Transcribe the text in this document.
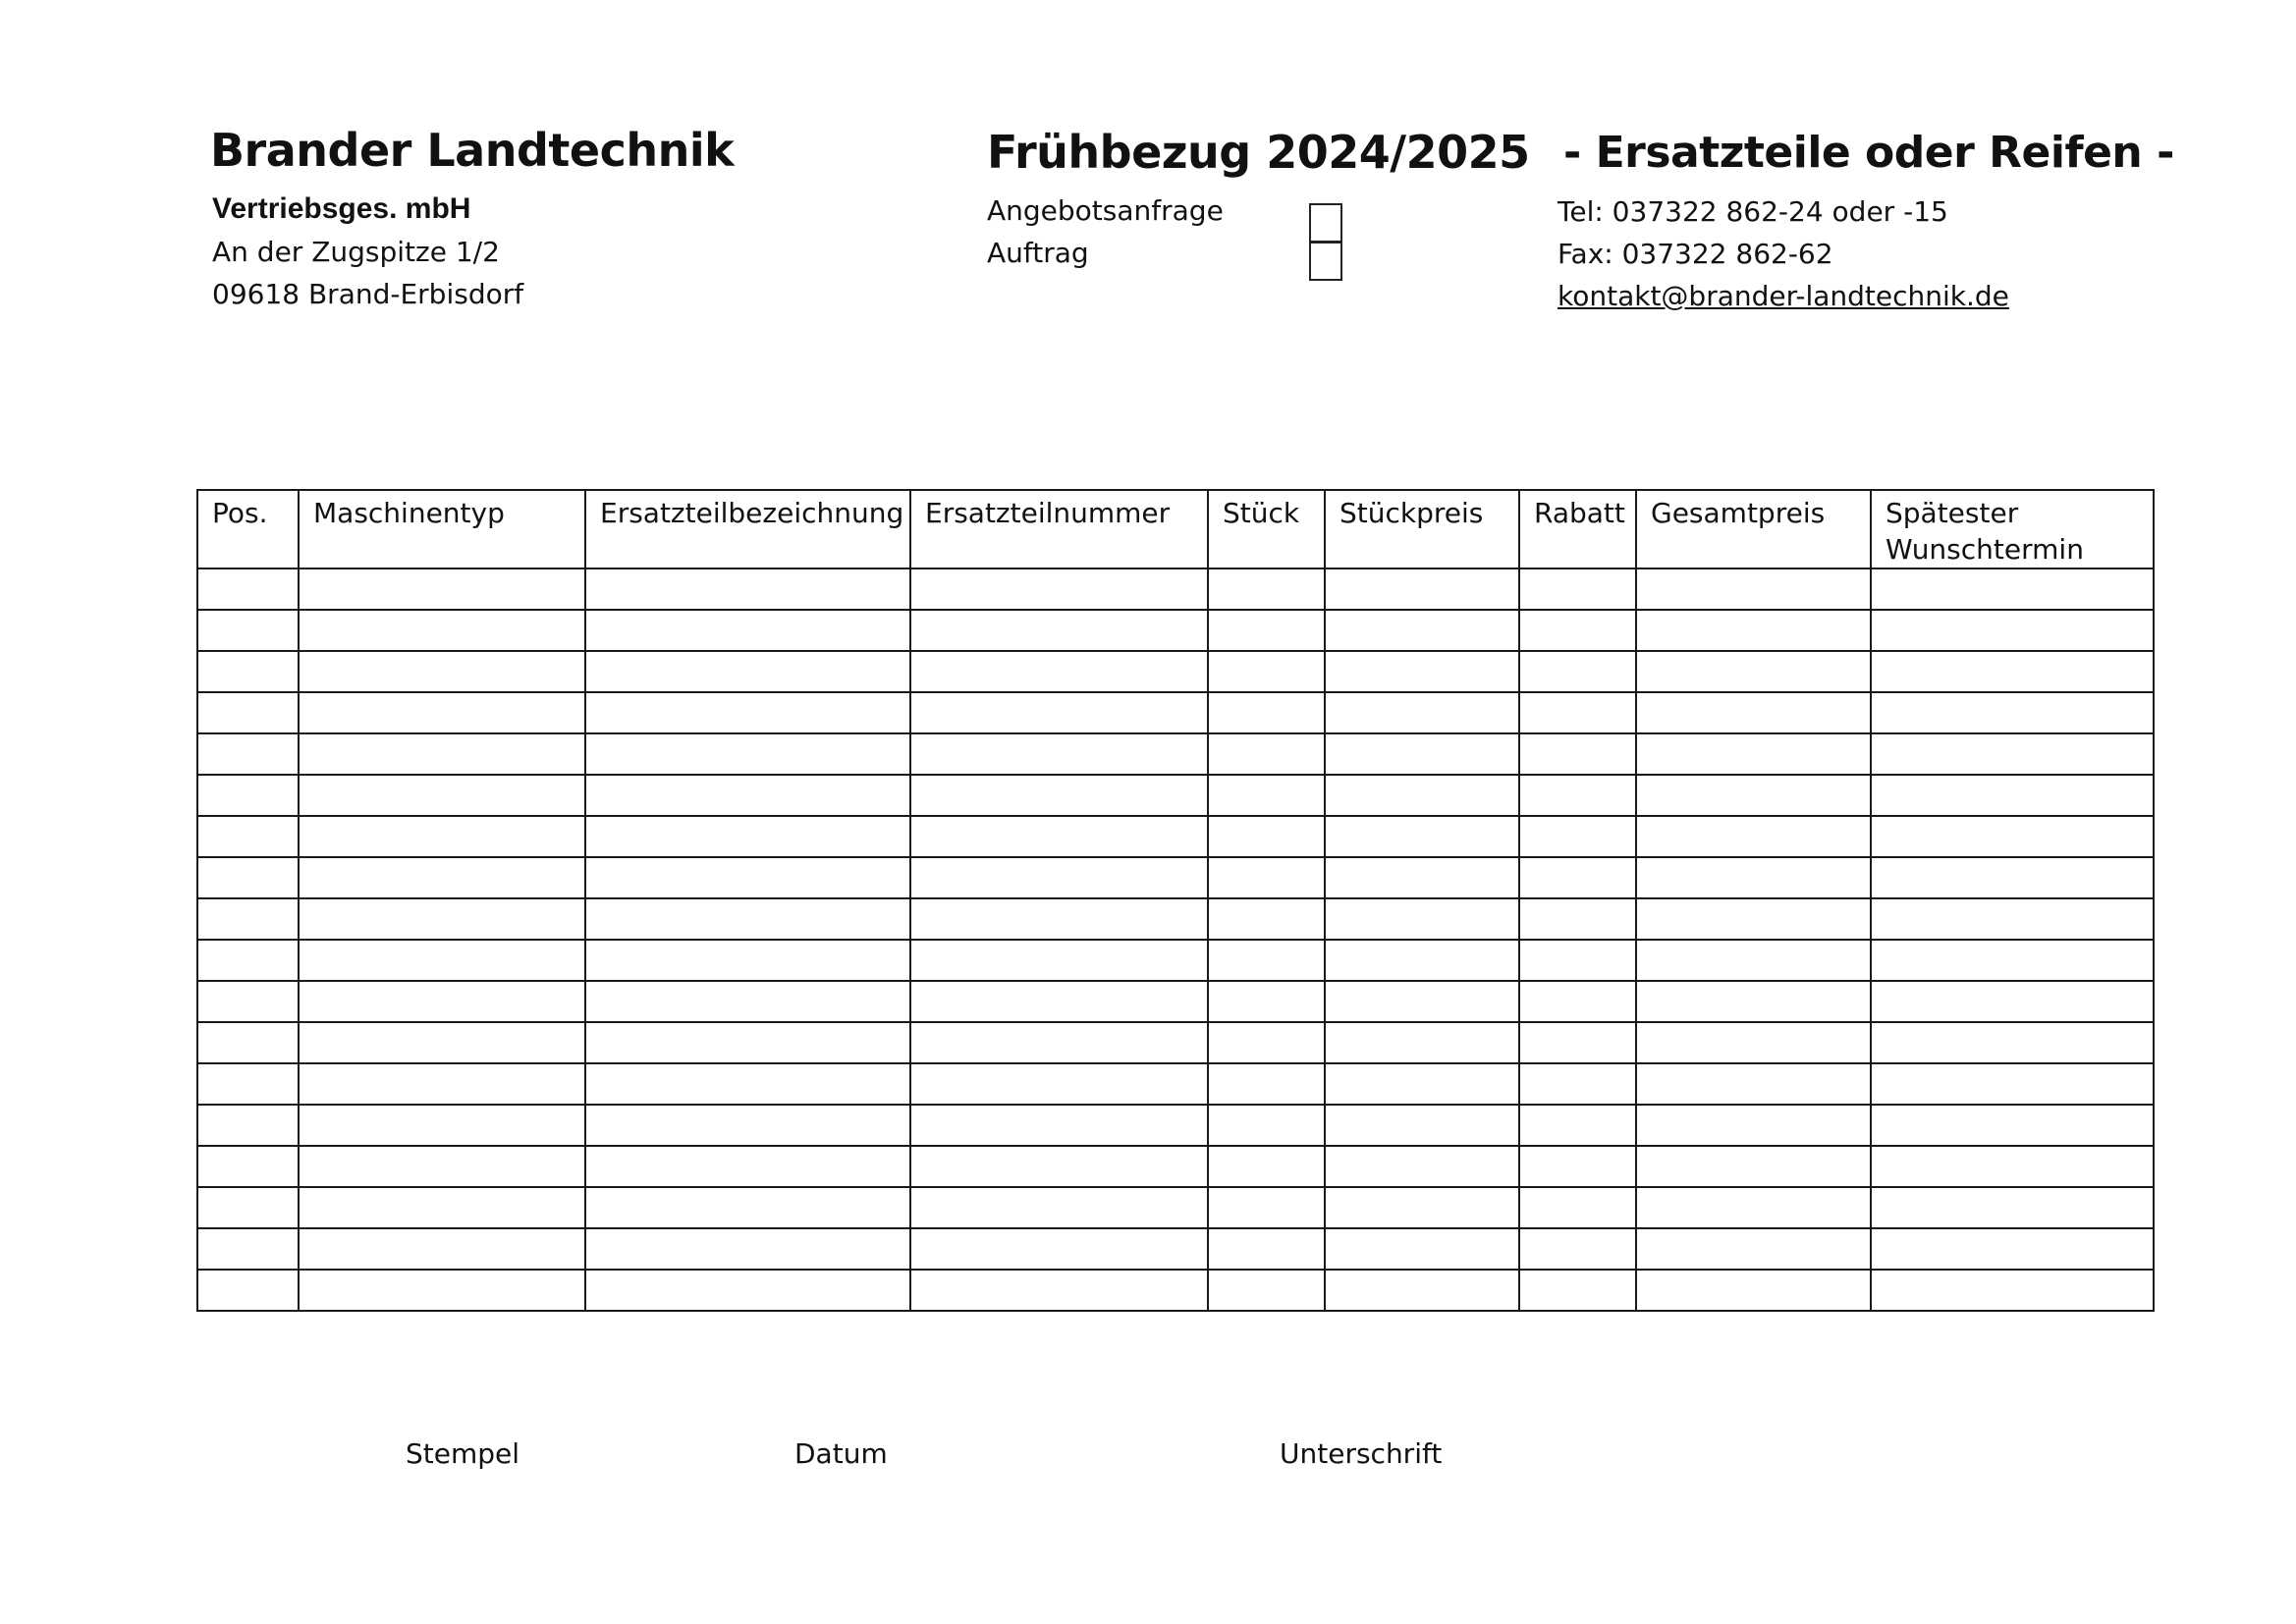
Brander Landtechnik
Vertriebsges. mbH
An der Zugspitze 1/2
09618 Brand-Erbisdorf
Frühbezug 2024/2025
Angebotsanfrage
Auftrag
- Ersatzteile oder Reifen -
Tel: 037322 862-24 oder -15
Fax: 037322 862-62
kontakt@brander-landtechnik.de
Pos.	Maschinentyp	Ersatzteilbezeichnung	Ersatzteilnummer	Stück	Stückpreis	Rabatt	Gesamtpreis	Spätester
Wunschtermin

Stempel	Datum	Unterschrift
